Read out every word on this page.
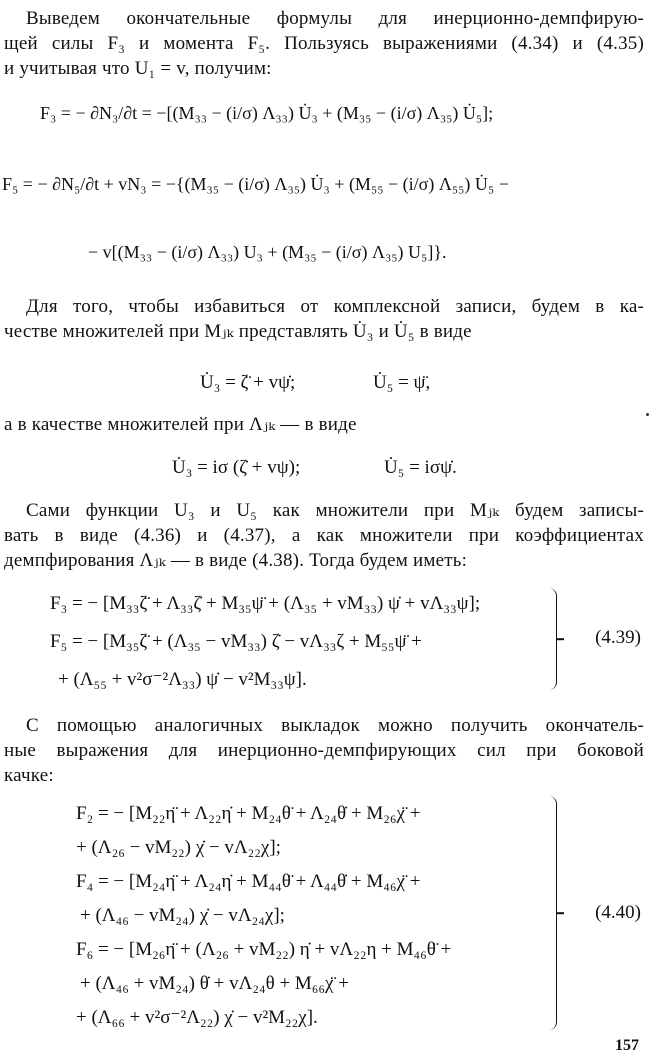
Выведем окончательные формулы для инерционно-демпфирую-
щей силы F₃ и момента F₅. Пользуясь выражениями (4.34) и (4.35)
и учитывая что U₁ = v, получим:
F₃ = − ∂N₃/∂t = −[(M₃₃ − (i/σ) Λ₃₃) U̇₃ + (M₃₅ − (i/σ) Λ₃₅) U̇₅];
F₅ = − ∂N₅/∂t + vN₃ = −{(M₃₅ − (i/σ) Λ₃₅) U̇₃ + (M₅₅ − (i/σ) Λ₅₅) U̇₅ −
− v[(M₃₃ − (i/σ) Λ₃₃) U₃ + (M₃₅ − (i/σ) Λ₃₅) U₅]}.
Для того, чтобы избавиться от комплексной записи, будем в ка-
честве множителей при Mⱼₖ представлять U̇₃ и U̇₅ в виде
U̇₃ = ζ̈ + vψ̇;	U̇₅ = ψ̈,
а в качестве множителей при Λⱼₖ — в виде
U̇₃ = iσ (ζ̇ + vψ);	U̇₅ = iσψ̇.
Сами функции U₃ и U₅ как множители при Mⱼₖ будем записы-
вать в виде (4.36) и (4.37), а как множители при коэффициентах
демпфирования Λⱼₖ — в виде (4.38). Тогда будем иметь:
F₃ = − [M₃₃ζ̈ + Λ₃₃ζ̇ + M₃₅ψ̈ + (Λ₃₅ + vM₃₃) ψ̇ + vΛ₃₃ψ];
F₅ = − [M₃₅ζ̈ + (Λ₃₅ − vM₃₃) ζ̇ − vΛ₃₃ζ + M₅₅ψ̈ +
+ (Λ₅₅ + v²σ⁻²Λ₃₃) ψ̇ − v²M₃₃ψ].
(4.39)
С помощью аналогичных выкладок можно получить окончатель-
ные выражения для инерционно-демпфирующих сил при боковой
качке:
F₂ = − [M₂₂η̈ + Λ₂₂η̇ + M₂₄θ̈ + Λ₂₄θ̇ + M₂₆χ̈ +
+ (Λ₂₆ − vM₂₂) χ̇ − vΛ₂₂χ];
F₄ = − [M₂₄η̈ + Λ₂₄η̇ + M₄₄θ̈ + Λ₄₄θ̇ + M₄₆χ̈ +
+ (Λ₄₆ − vM₂₄) χ̇ − vΛ₂₄χ];
F₆ = − [M₂₆η̈ + (Λ₂₆ + vM₂₂) η̇ + vΛ₂₂η + M₄₆θ̈ +
+ (Λ₄₆ + vM₂₄) θ̇ + vΛ₂₄θ + M₆₆χ̈ +
+ (Λ₆₆ + v²σ⁻²Λ₂₂) χ̇ − v²M₂₂χ].
(4.40)
157
